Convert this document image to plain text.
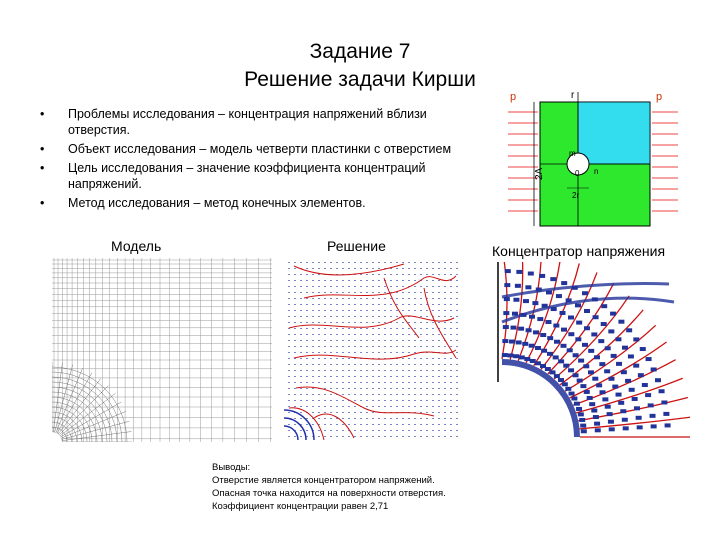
Задание 7
Решение задачи Кирши
• Проблемы исследования – концентрация напряжений вблизи отверстия.
• Объект исследования – модель четверти пластинки с отверстием
• Цель исследования – значение коэффициента концентраций напряжений.
• Метод исследования – метод конечных элементов.
p	p
r
2A
m
0 n
2r
Модель	Решение	Концентратор напряжения
Выводы:
Отверстие является концентратором напряжений.
Опасная точка находится на поверхности отверстия.
Коэффициент концентрации равен 2,71
